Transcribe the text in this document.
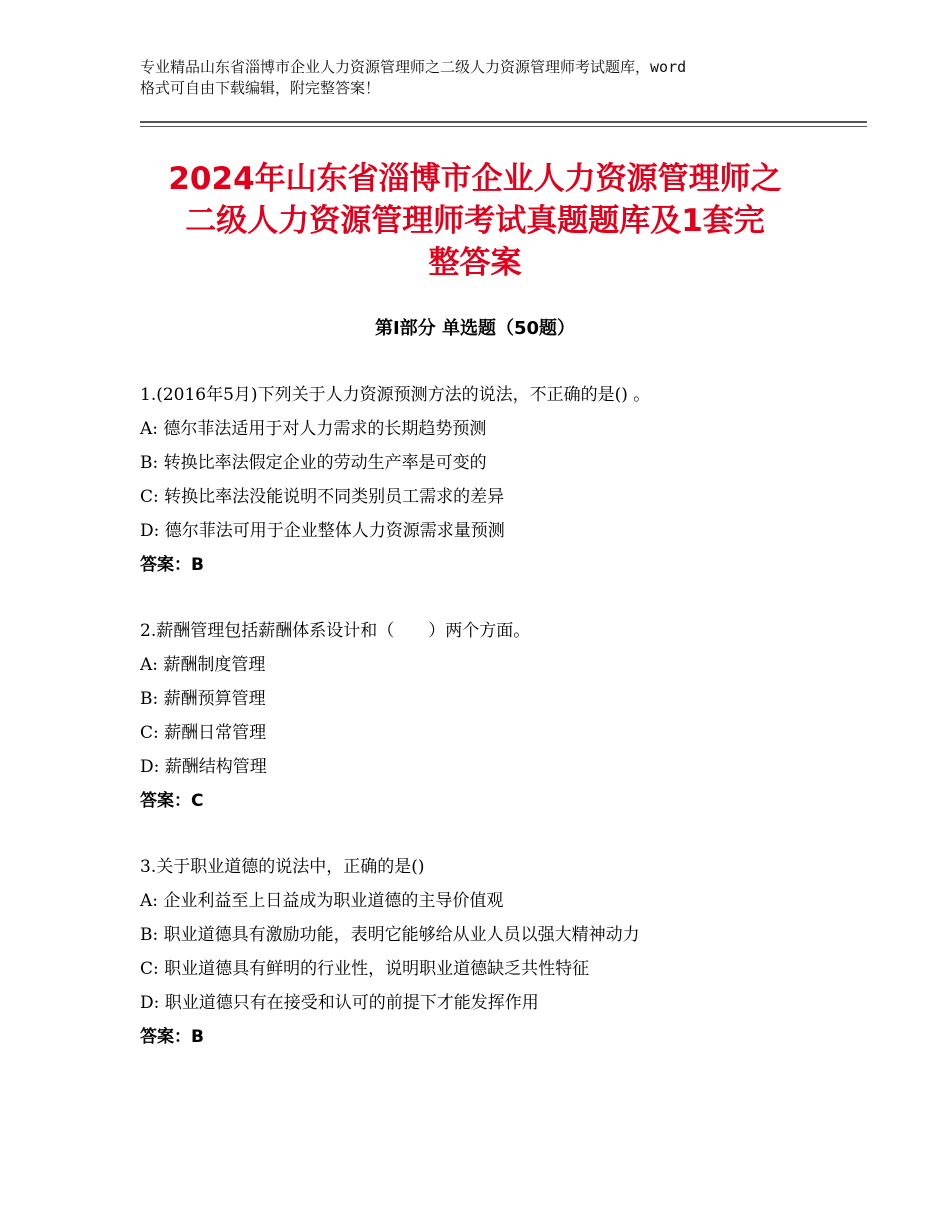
专业精品山东省淄博市企业人力资源管理师之二级人力资源管理师考试题库，word
格式可自由下载编辑，附完整答案！
2024年山东省淄博市企业人力资源管理师之
二级人力资源管理师考试真题题库及1套完
整答案
第Ⅰ部分 单选题（50题）
1.(2016年5月)下列关于人力资源预测方法的说法，不正确的是() 。
A: 德尔菲法适用于对人力需求的长期趋势预测
B: 转换比率法假定企业的劳动生产率是可变的
C: 转换比率法没能说明不同类别员工需求的差异
D: 德尔菲法可用于企业整体人力资源需求量预测
答案：B
2.薪酬管理包括薪酬体系设计和（　　）两个方面。
A: 薪酬制度管理
B: 薪酬预算管理
C: 薪酬日常管理
D: 薪酬结构管理
答案：C
3.关于职业道德的说法中，正确的是()
A: 企业利益至上日益成为职业道德的主导价值观
B: 职业道德具有激励功能，表明它能够给从业人员以强大精神动力
C: 职业道德具有鲜明的行业性，说明职业道德缺乏共性特征
D: 职业道德只有在接受和认可的前提下才能发挥作用
答案：B
